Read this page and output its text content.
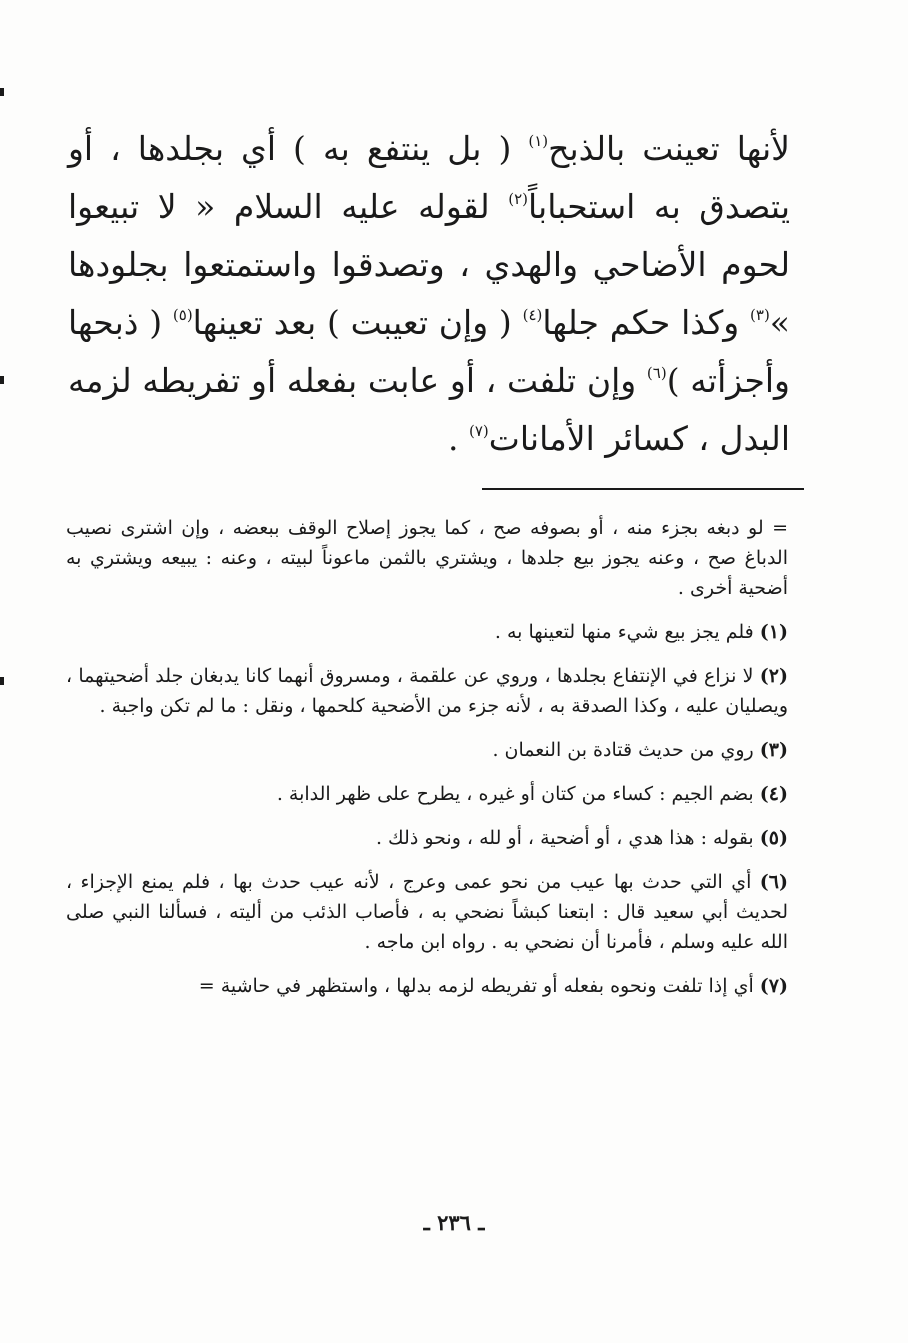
لأنها تعينت بالذبح$^{(١)}$ ( بل ينتفع به ) أي بجلدها ، أو يتصدق به استحباباً$^{(٢)}$ لقوله عليه السلام « لا تبيعوا لحوم الأضاحي والهدي ، وتصدقوا واستمتعوا بجلودها »$^{(٣)}$ وكذا حكم جلها$^{(٤)}$ ( وإن تعيبت ) بعد تعينها$^{(٥)}$ ( ذبحها وأجزأته )$^{(٦)}$ وإن تلفت ، أو عابت بفعله أو تفريطه لزمه البدل ، كسائر الأمانات$^{(٧)}$ .

= لو دبغه بجزء منه ، أو بصوفه صح ، كما يجوز إصلاح الوقف ببعضه ، وإن اشترى نصيب الدباغ صح ، وعنه يجوز بيع جلدها ، ويشتري بالثمن ماعوناً لبيته ، وعنه : يبيعه ويشتري به أضحية أخرى .

(١) فلم يجز بيع شيء منها لتعينها به .

(٢) لا نزاع في الإنتفاع بجلدها ، وروي عن علقمة ، ومسروق أنهما كانا يدبغان جلد أضحيتهما ، ويصليان عليه ، وكذا الصدقة به ، لأنه جزء من الأضحية كلحمها ، ونقل : ما لم تكن واجبة .

(٣) روي من حديث قتادة بن النعمان .

(٤) بضم الجيم : كساء من كتان أو غيره ، يطرح على ظهر الدابة .

(٥) بقوله : هذا هدي ، أو أضحية ، أو لله ، ونحو ذلك .

(٦) أي التي حدث بها عيب من نحو عمى وعرج ، لأنه عيب حدث بها ، فلم يمنع الإجزاء ، لحديث أبي سعيد قال : ابتعنا كبشاً نضحي به ، فأصاب الذئب من أليته ، فسألنا النبي صلى الله عليه وسلم ، فأمرنا أن نضحي به . رواه ابن ماجه .

(٧) أي إذا تلفت ونحوه بفعله أو تفريطه لزمه بدلها ، واستظهر في حاشية =

ـ ٢٣٦ ـ
